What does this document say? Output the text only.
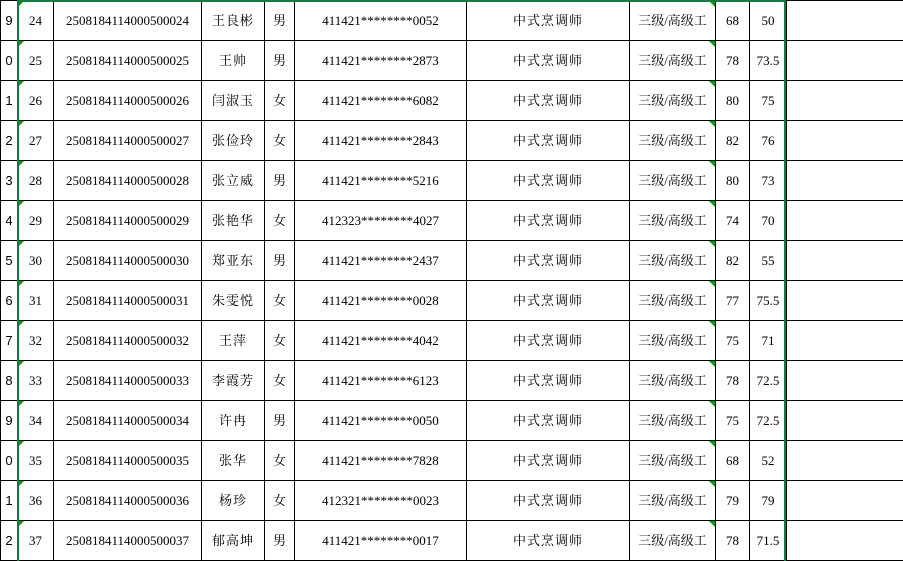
9	24	2508184114000500024	王良彬	男	411421********0052	中式烹调师	三级/高级工	68	50	
0	25	2508184114000500025	王帅	男	411421********2873	中式烹调师	三级/高级工	78	73.5	
1	26	2508184114000500026	闫淑玉	女	411421********6082	中式烹调师	三级/高级工	80	75	
2	27	2508184114000500027	张俭玲	女	411421********2843	中式烹调师	三级/高级工	82	76	
3	28	2508184114000500028	张立威	男	411421********5216	中式烹调师	三级/高级工	80	73	
4	29	2508184114000500029	张艳华	女	412323********4027	中式烹调师	三级/高级工	74	70	
5	30	2508184114000500030	郑亚东	男	411421********2437	中式烹调师	三级/高级工	82	55	
6	31	2508184114000500031	朱雯悦	女	411421********0028	中式烹调师	三级/高级工	77	75.5	
7	32	2508184114000500032	王萍	女	411421********4042	中式烹调师	三级/高级工	75	71	
8	33	2508184114000500033	李霞芳	女	411421********6123	中式烹调师	三级/高级工	78	72.5	
9	34	2508184114000500034	许冉	男	411421********0050	中式烹调师	三级/高级工	75	72.5	
0	35	2508184114000500035	张华	女	411421********7828	中式烹调师	三级/高级工	68	52	
1	36	2508184114000500036	杨珍	女	412321********0023	中式烹调师	三级/高级工	79	79	
2	37	2508184114000500037	郁高坤	男	411421********0017	中式烹调师	三级/高级工	78	71.5	
